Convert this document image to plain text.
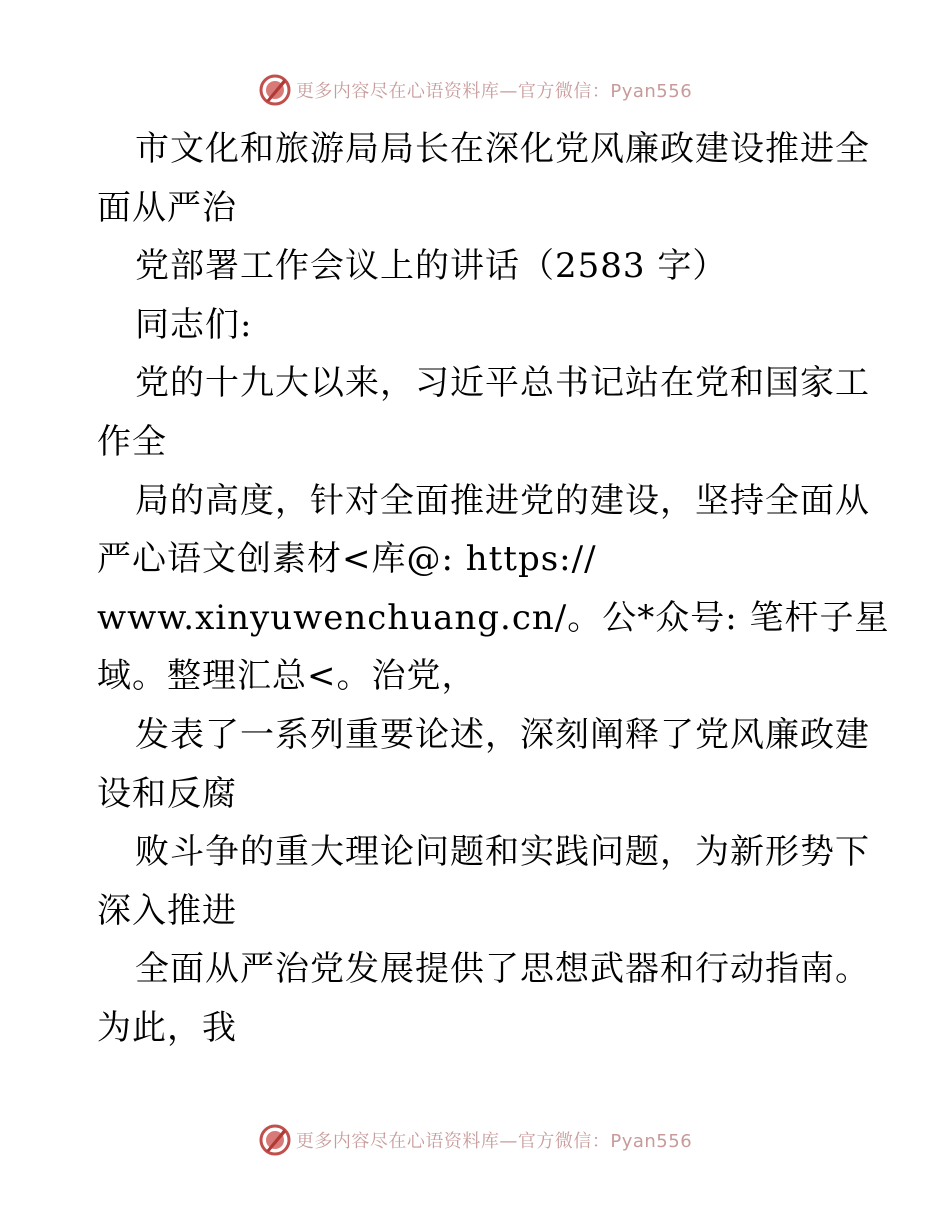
更多内容尽在心语资料库—官方微信：Pyan556
市文化和旅游局局长在深化党风廉政建设推进全
面从严治
党部署工作会议上的讲话（2583 字）
同志们:
党的十九大以来，习近平总书记站在党和国家工
作全
局的高度，针对全面推进党的建设，坚持全面从
严心语文创素材<库@: https://
www.xinyuwenchuang.cn/。公*众号: 笔杆子星
域。整理汇总<。治党，
发表了一系列重要论述，深刻阐释了党风廉政建
设和反腐
败斗争的重大理论问题和实践问题，为新形势下
深入推进
全面从严治党发展提供了思想武器和行动指南。
为此，我
更多内容尽在心语资料库—官方微信：Pyan556
